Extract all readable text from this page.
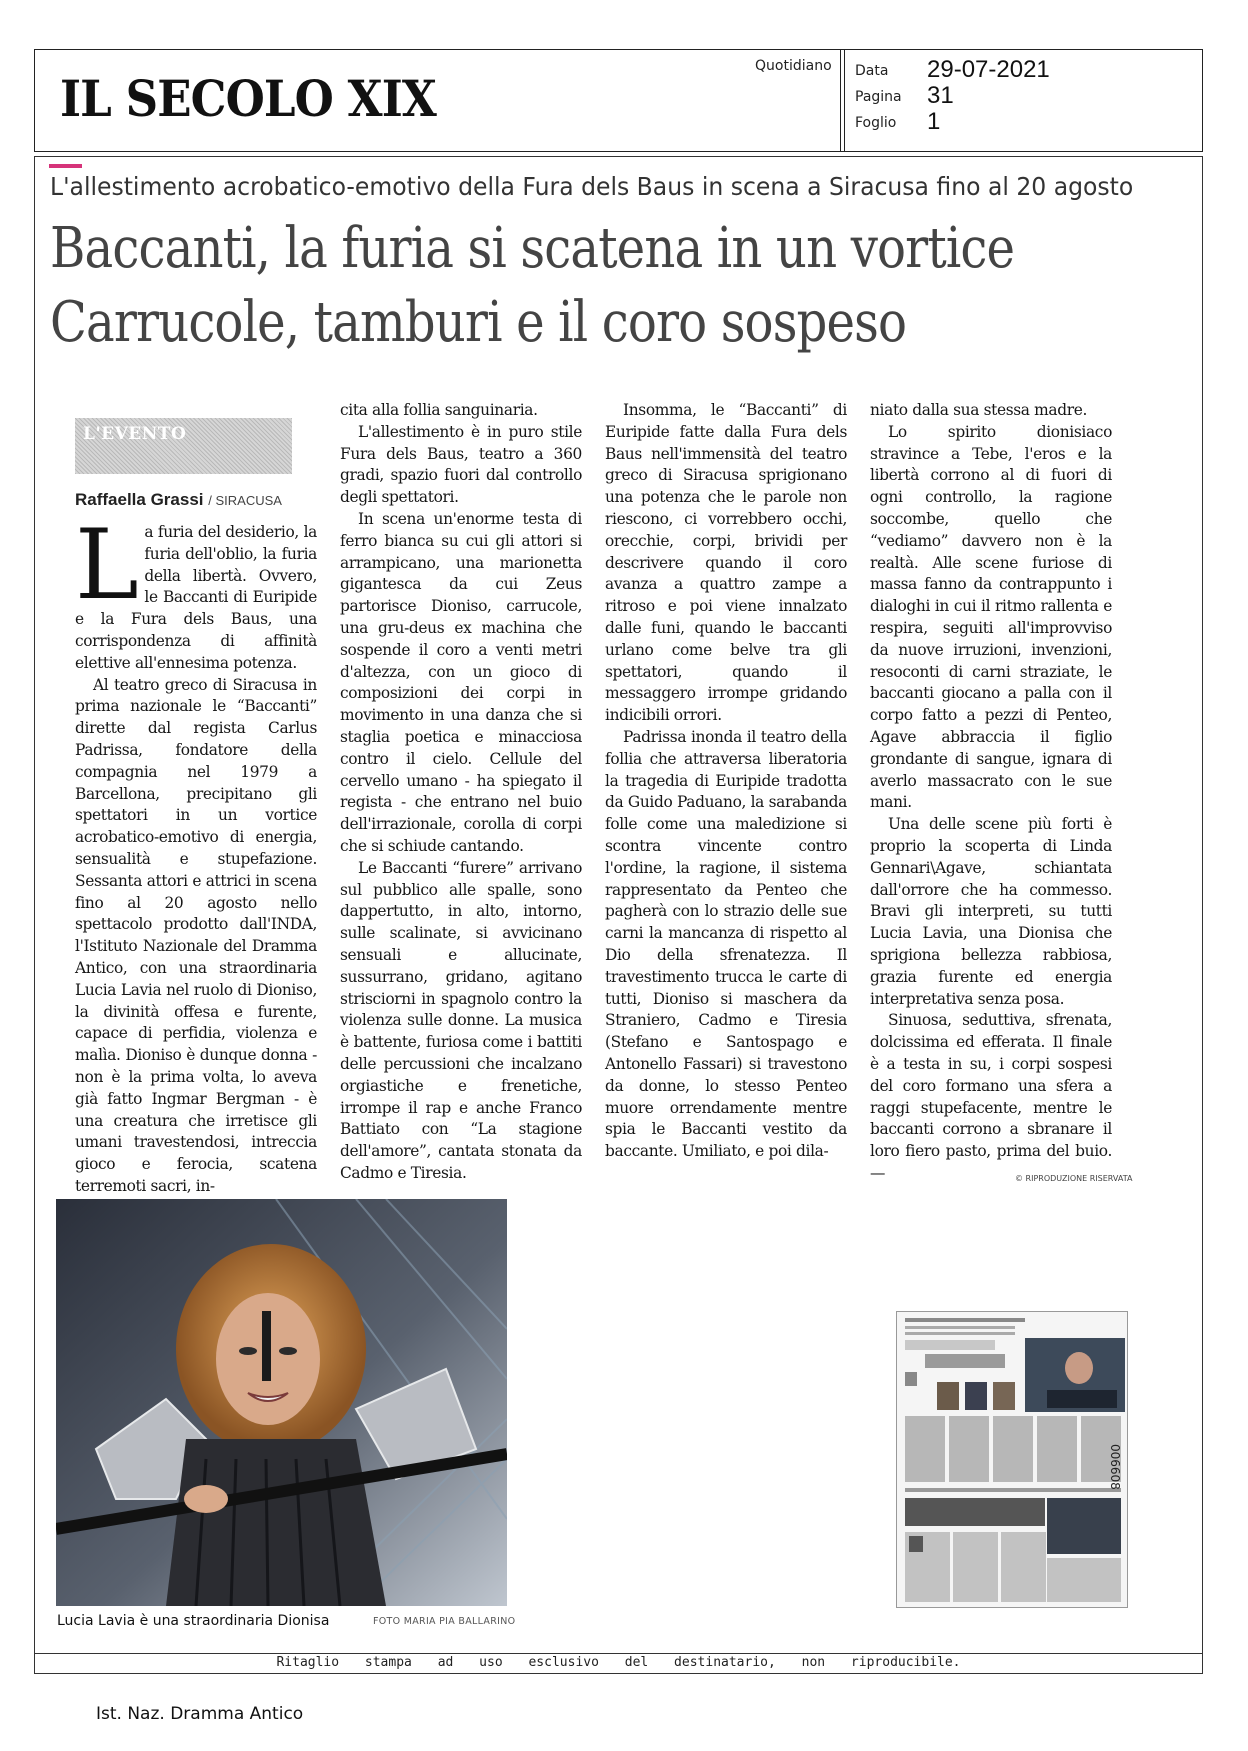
IL SECOLO XIX
Quotidiano Data 29-07-2021
Pagina 31
Foglio 1
L'allestimento acrobatico-emotivo della Fura dels Baus in scena a Siracusa fino al 20 agosto
Baccanti, la furia si scatena in un vortice
Carrucole, tamburi e il coro sospeso
L'EVENTO
Raffaella Grassi / SIRACUSA

La furia del desiderio, la furia dell'oblio, la furia della libertà. Ovvero, le Baccanti di Euripide e la Fura dels Baus, una corrispondenza di affinità elettive all'ennesima potenza.

Al teatro greco di Siracusa in prima nazionale le “Baccanti” dirette dal regista Carlus Padrissa, fondatore della compagnia nel 1979 a Barcellona, precipitano gli spettatori in un vortice acrobatico-emotivo di energia, sensualità e stupefazione. Sessanta attori e attrici in scena fino al 20 agosto nello spettacolo prodotto dall'INDA, l'Istituto Nazionale del Dramma Antico, con una straordinaria Lucia Lavia nel ruolo di Dioniso, la divinità offesa e furente, capace di perfidia, violenza e malìa. Dioniso è dunque donna - non è la prima volta, lo aveva già fatto Ingmar Bergman - è una creatura che irretisce gli umani travestendosi, intreccia gioco e ferocia, scatena terremoti sacri, in-

cita alla follia sanguinaria.

L'allestimento è in puro stile Fura dels Baus, teatro a 360 gradi, spazio fuori dal controllo degli spettatori.

In scena un'enorme testa di ferro bianca su cui gli attori si arrampicano, una marionetta gigantesca da cui Zeus partorisce Dioniso, carrucole, una gru-deus ex machina che sospende il coro a venti metri d'altezza, con un gioco di composizioni dei corpi in movimento in una danza che si staglia poetica e minacciosa contro il cielo. Cellule del cervello umano - ha spiegato il regista - che entrano nel buio dell'irrazionale, corolla di corpi che si schiude cantando.

Le Baccanti “furere” arrivano sul pubblico alle spalle, sono dappertutto, in alto, intorno, sulle scalinate, si avvicinano sensuali e allucinate, sussurrano, gridano, agitano strisciorni in spagnolo contro la violenza sulle donne. La musica è battente, furiosa come i battiti delle percussioni che incalzano orgiastiche e frenetiche, irrompe il rap e anche Franco Battiato con “La stagione dell'amore”, cantata stonata da Cadmo e Tiresia.

Insomma, le “Baccanti” di Euripide fatte dalla Fura dels Baus nell'immensità del teatro greco di Siracusa sprigionano una potenza che le parole non riescono, ci vorrebbero occhi, orecchie, corpi, brividi per descrivere quando il coro avanza a quattro zampe a ritroso e poi viene innalzato dalle funi, quando le baccanti urlano come belve tra gli spettatori, quando il messaggero irrompe gridando indicibili orrori.

Padrissa inonda il teatro della follia che attraversa liberatoria la tragedia di Euripide tradotta da Guido Paduano, la sarabanda folle come una maledizione si scontra vincente contro l'ordine, la ragione, il sistema rappresentato da Penteo che pagherà con lo strazio delle sue carni la mancanza di rispetto al Dio della sfrenatezza. Il travestimento trucca le carte di tutti, Dioniso si maschera da Straniero, Cadmo e Tiresia (Stefano e Santospago e Antonello Fassari) si travestono da donne, lo stesso Penteo muore orrendamente mentre spia le Baccanti vestito da baccante. Umiliato, e poi dila-

niato dalla sua stessa madre.

Lo spirito dionisiaco stravince a Tebe, l'eros e la libertà corrono al di fuori di ogni controllo, la ragione soccombe, quello che “vediamo” davvero non è la realtà. Alle scene furiose di massa fanno da contrappunto i dialoghi in cui il ritmo rallenta e respira, seguiti all'improvviso da nuove irruzioni, invenzioni, resoconti di carni straziate, le baccanti giocano a palla con il corpo fatto a pezzi di Penteo, Agave abbraccia il figlio grondante di sangue, ignara di averlo massacrato con le sue mani.

Una delle scene più forti è proprio la scoperta di Linda Gennari\Agave, schiantata dall'orrore che ha commesso. Bravi gli interpreti, su tutti Lucia Lavia, una Dionisa che sprigiona bellezza rabbiosa, grazia furente ed energia interpretativa senza posa.

Sinuosa, seduttiva, sfrenata, dolcissima ed efferata. Il finale è a testa in su, i corpi sospesi del coro formano una sfera a raggi stupefacente, mentre le baccanti corrono a sbranare il loro fiero pasto, prima del buio. —	© RIPRODUZIONE RISERVATA
Lucia Lavia è una straordinaria Dionisa	FOTO MARIA PIA BALLARINO
006608
Ritaglio stampa ad uso esclusivo del destinatario, non riproducibile.
Ist. Naz. Dramma Antico
